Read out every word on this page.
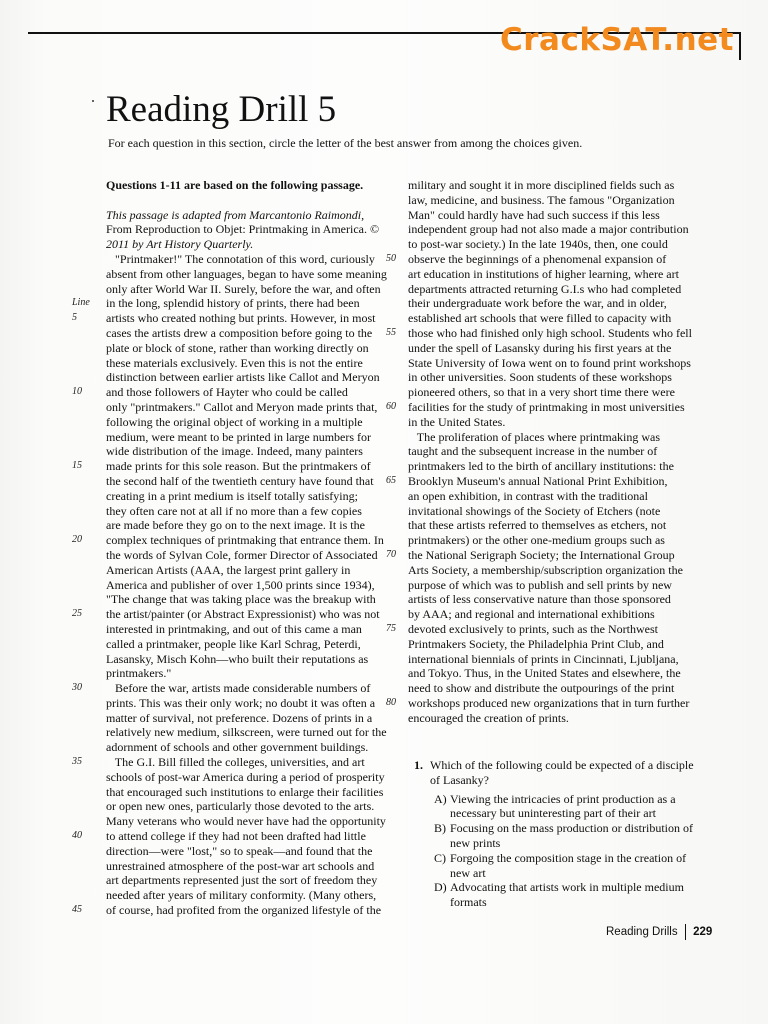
CrackSAT.net
Reading Drill 5
For each question in this section, circle the letter of the best answer from among the choices given.
Questions 1-11 are based on the following passage.
This passage is adapted from Marcantonio Raimondi,
From Reproduction to Objet: Printmaking in America. ©
2011 by Art History Quarterly.
"Printmaker!" The connotation of this word, curiously
absent from other languages, began to have some meaning
only after World War II. Surely, before the war, and often
Line in the long, splendid history of prints, there had been
5 artists who created nothing but prints. However, in most
cases the artists drew a composition before going to the
plate or block of stone, rather than working directly on
these materials exclusively. Even this is not the entire
distinction between earlier artists like Callot and Meryon
10 and those followers of Hayter who could be called
only "printmakers." Callot and Meryon made prints that,
following the original object of working in a multiple
medium, were meant to be printed in large numbers for
wide distribution of the image. Indeed, many painters
15 made prints for this sole reason. But the printmakers of
the second half of the twentieth century have found that
creating in a print medium is itself totally satisfying;
they often care not at all if no more than a few copies
are made before they go on to the next image. It is the
20 complex techniques of printmaking that entrance them. In
the words of Sylvan Cole, former Director of Associated
American Artists (AAA, the largest print gallery in
America and publisher of over 1,500 prints since 1934),
"The change that was taking place was the breakup with
25 the artist/painter (or Abstract Expressionist) who was not
interested in printmaking, and out of this came a man
called a printmaker, people like Karl Schrag, Peterdi,
Lasansky, Misch Kohn—who built their reputations as
printmakers."
30 Before the war, artists made considerable numbers of
prints. This was their only work; no doubt it was often a
matter of survival, not preference. Dozens of prints in a
relatively new medium, silkscreen, were turned out for the
adornment of schools and other government buildings.
35 The G.I. Bill filled the colleges, universities, and art
schools of post-war America during a period of prosperity
that encouraged such institutions to enlarge their facilities
or open new ones, particularly those devoted to the arts.
Many veterans who would never have had the opportunity
40 to attend college if they had not been drafted had little
direction—were "lost," so to speak—and found that the
unrestrained atmosphere of the post-war art schools and
art departments represented just the sort of freedom they
needed after years of military conformity. (Many others,
45 of course, had profited from the organized lifestyle of the
military and sought it in more disciplined fields such as
law, medicine, and business. The famous "Organization
Man" could hardly have had such success if this less
independent group had not also made a major contribution
to post-war society.) In the late 1940s, then, one could
50 observe the beginnings of a phenomenal expansion of
art education in institutions of higher learning, where art
departments attracted returning G.I.s who had completed
their undergraduate work before the war, and in older,
established art schools that were filled to capacity with
55 those who had finished only high school. Students who fell
under the spell of Lasansky during his first years at the
State University of Iowa went on to found print workshops
in other universities. Soon students of these workshops
pioneered others, so that in a very short time there were
60 facilities for the study of printmaking in most universities
in the United States.
The proliferation of places where printmaking was
taught and the subsequent increase in the number of
printmakers led to the birth of ancillary institutions: the
65 Brooklyn Museum's annual National Print Exhibition,
an open exhibition, in contrast with the traditional
invitational showings of the Society of Etchers (note
that these artists referred to themselves as etchers, not
printmakers) or the other one-medium groups such as
70 the National Serigraph Society; the International Group
Arts Society, a membership/subscription organization the
purpose of which was to publish and sell prints by new
artists of less conservative nature than those sponsored
by AAA; and regional and international exhibitions
75 devoted exclusively to prints, such as the Northwest
Printmakers Society, the Philadelphia Print Club, and
international biennials of prints in Cincinnati, Ljubljana,
and Tokyo. Thus, in the United States and elsewhere, the
need to show and distribute the outpourings of the print
80 workshops produced new organizations that in turn further
encouraged the creation of prints.
1. Which of the following could be expected of a disciple of Lasanky?
A) Viewing the intricacies of print production as a necessary but uninteresting part of their art
B) Focusing on the mass production or distribution of new prints
C) Forgoing the composition stage in the creation of new art
D) Advocating that artists work in multiple medium formats
Reading Drills 229
